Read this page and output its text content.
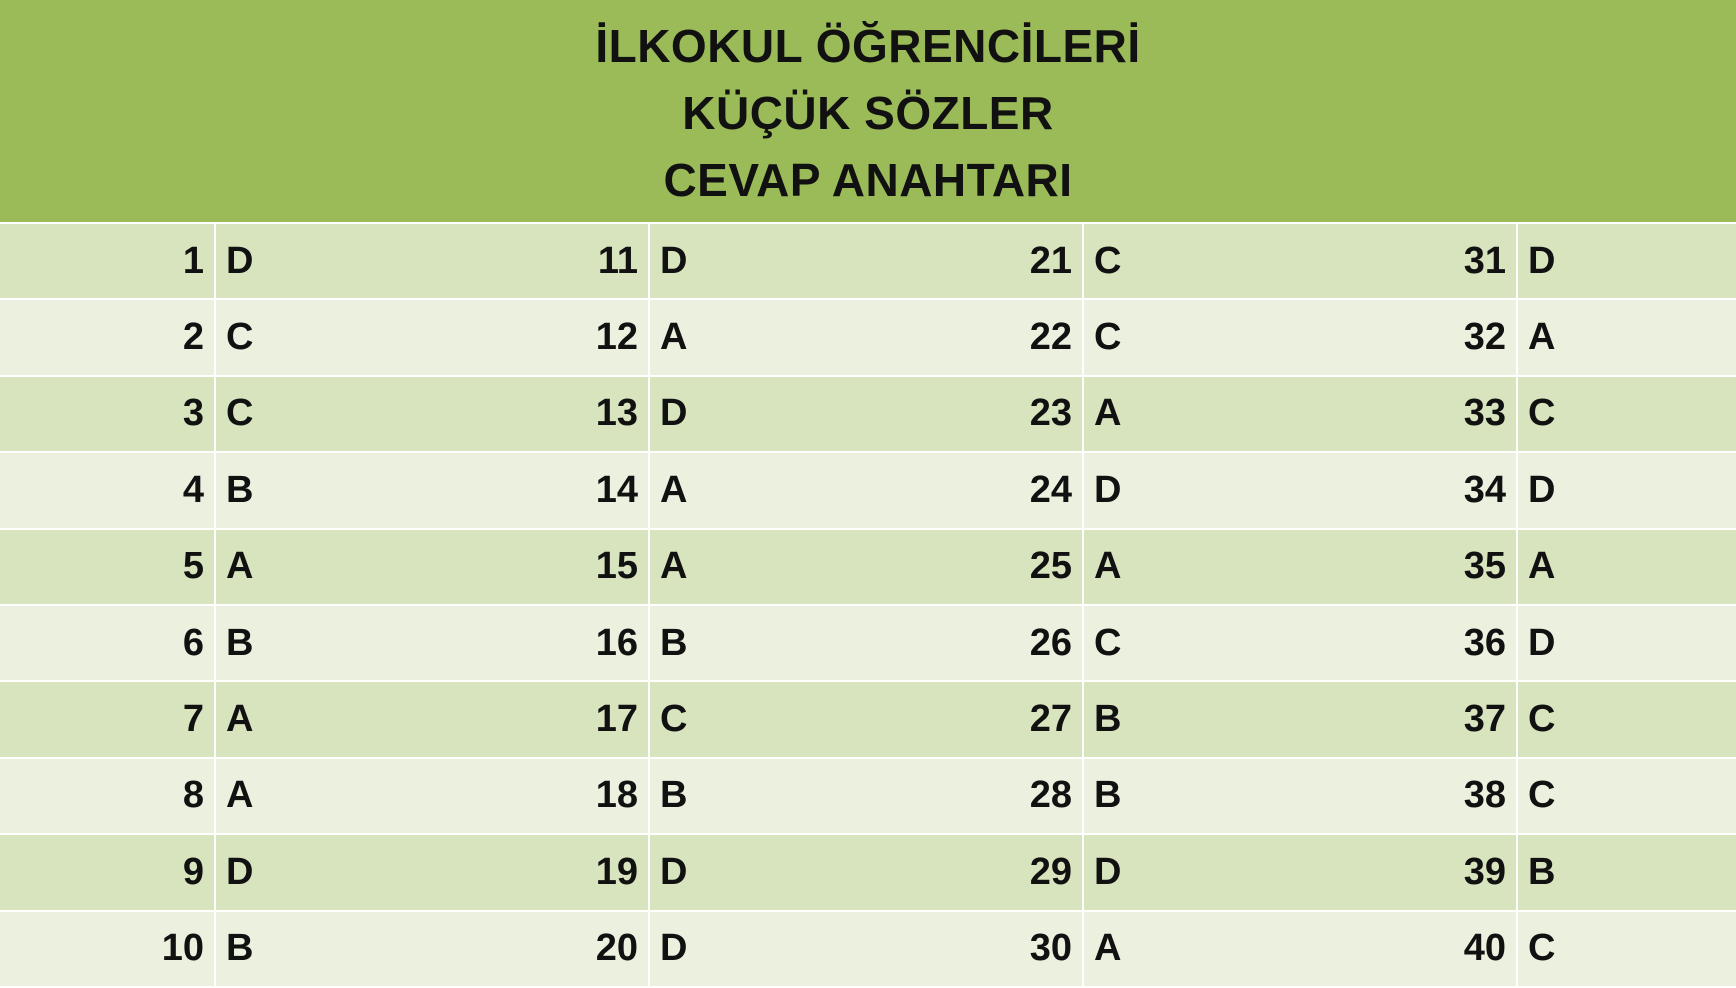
İLKOKUL ÖĞRENCİLERİ
KÜÇÜK SÖZLER
CEVAP ANAHTARI
1 D	11 D	21 C	31 D
2 C	12 A	22 C	32 A
3 C	13 D	23 A	33 C
4 B	14 A	24 D	34 D
5 A	15 A	25 A	35 A
6 B	16 B	26 C	36 D
7 A	17 C	27 B	37 C
8 A	18 B	28 B	38 C
9 D	19 D	29 D	39 B
10 B	20 D	30 A	40 C
